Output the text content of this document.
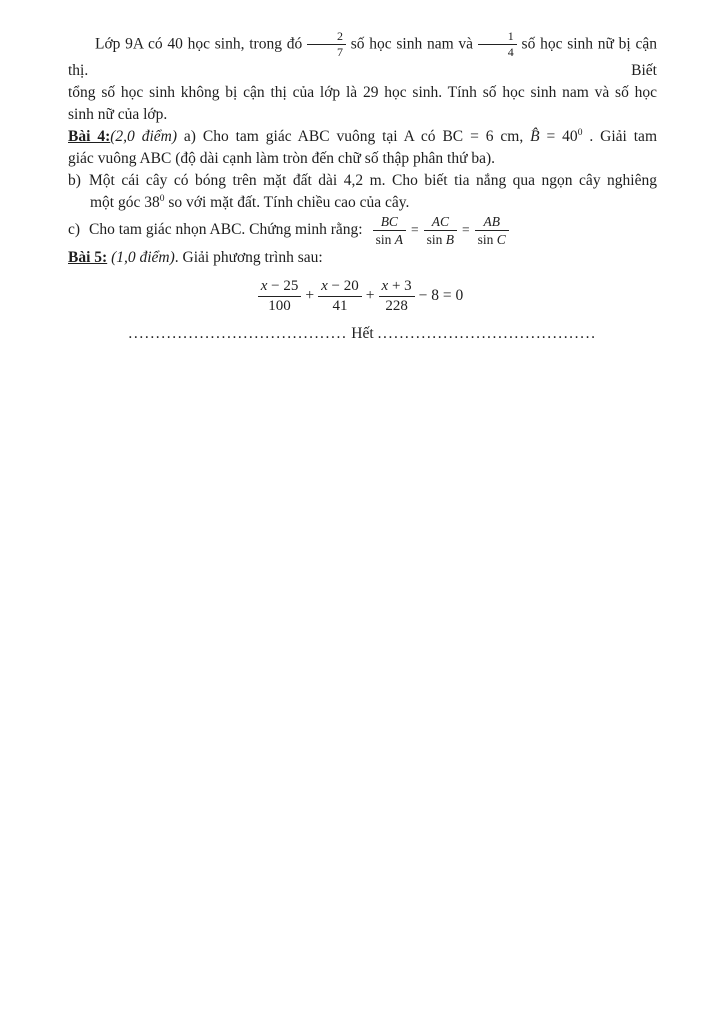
Lớp 9A có 40 học sinh, trong đó $\frac{2}{7}$ số học sinh nam và $\frac{1}{4}$ số học sinh nữ bị cận thị. Biết
tổng số học sinh không bị cận thị của lớp là 29 học sinh. Tính số học sinh nam và số học
sinh nữ của lớp.
Bài 4:(2,0 điểm) a) Cho tam giác ABC vuông tại A có BC = 6 cm, B̂ = $40^0$ . Giải tam
giác vuông ABC (độ dài cạnh làm tròn đến chữ số thập phân thứ ba).
b) Một cái cây có bóng trên mặt đất dài 4,2 m. Cho biết tia nắng qua ngọn cây nghiêng
một góc $38^0$ so với mặt đất. Tính chiều cao của cây.
c) Cho tam giác nhọn ABC. Chứng minh rằng: $\frac{BC}{\text{sin A}} = \frac{AC}{\text{sin B}} = \frac{AB}{\text{sin C}}$
Bài 5: (1,0 điểm). Giải phương trình sau:
$\frac{x - 25}{100} + \frac{x - 20}{41} + \frac{x + 3}{228} - 8 = 0$
........................................ Hết ........................................
